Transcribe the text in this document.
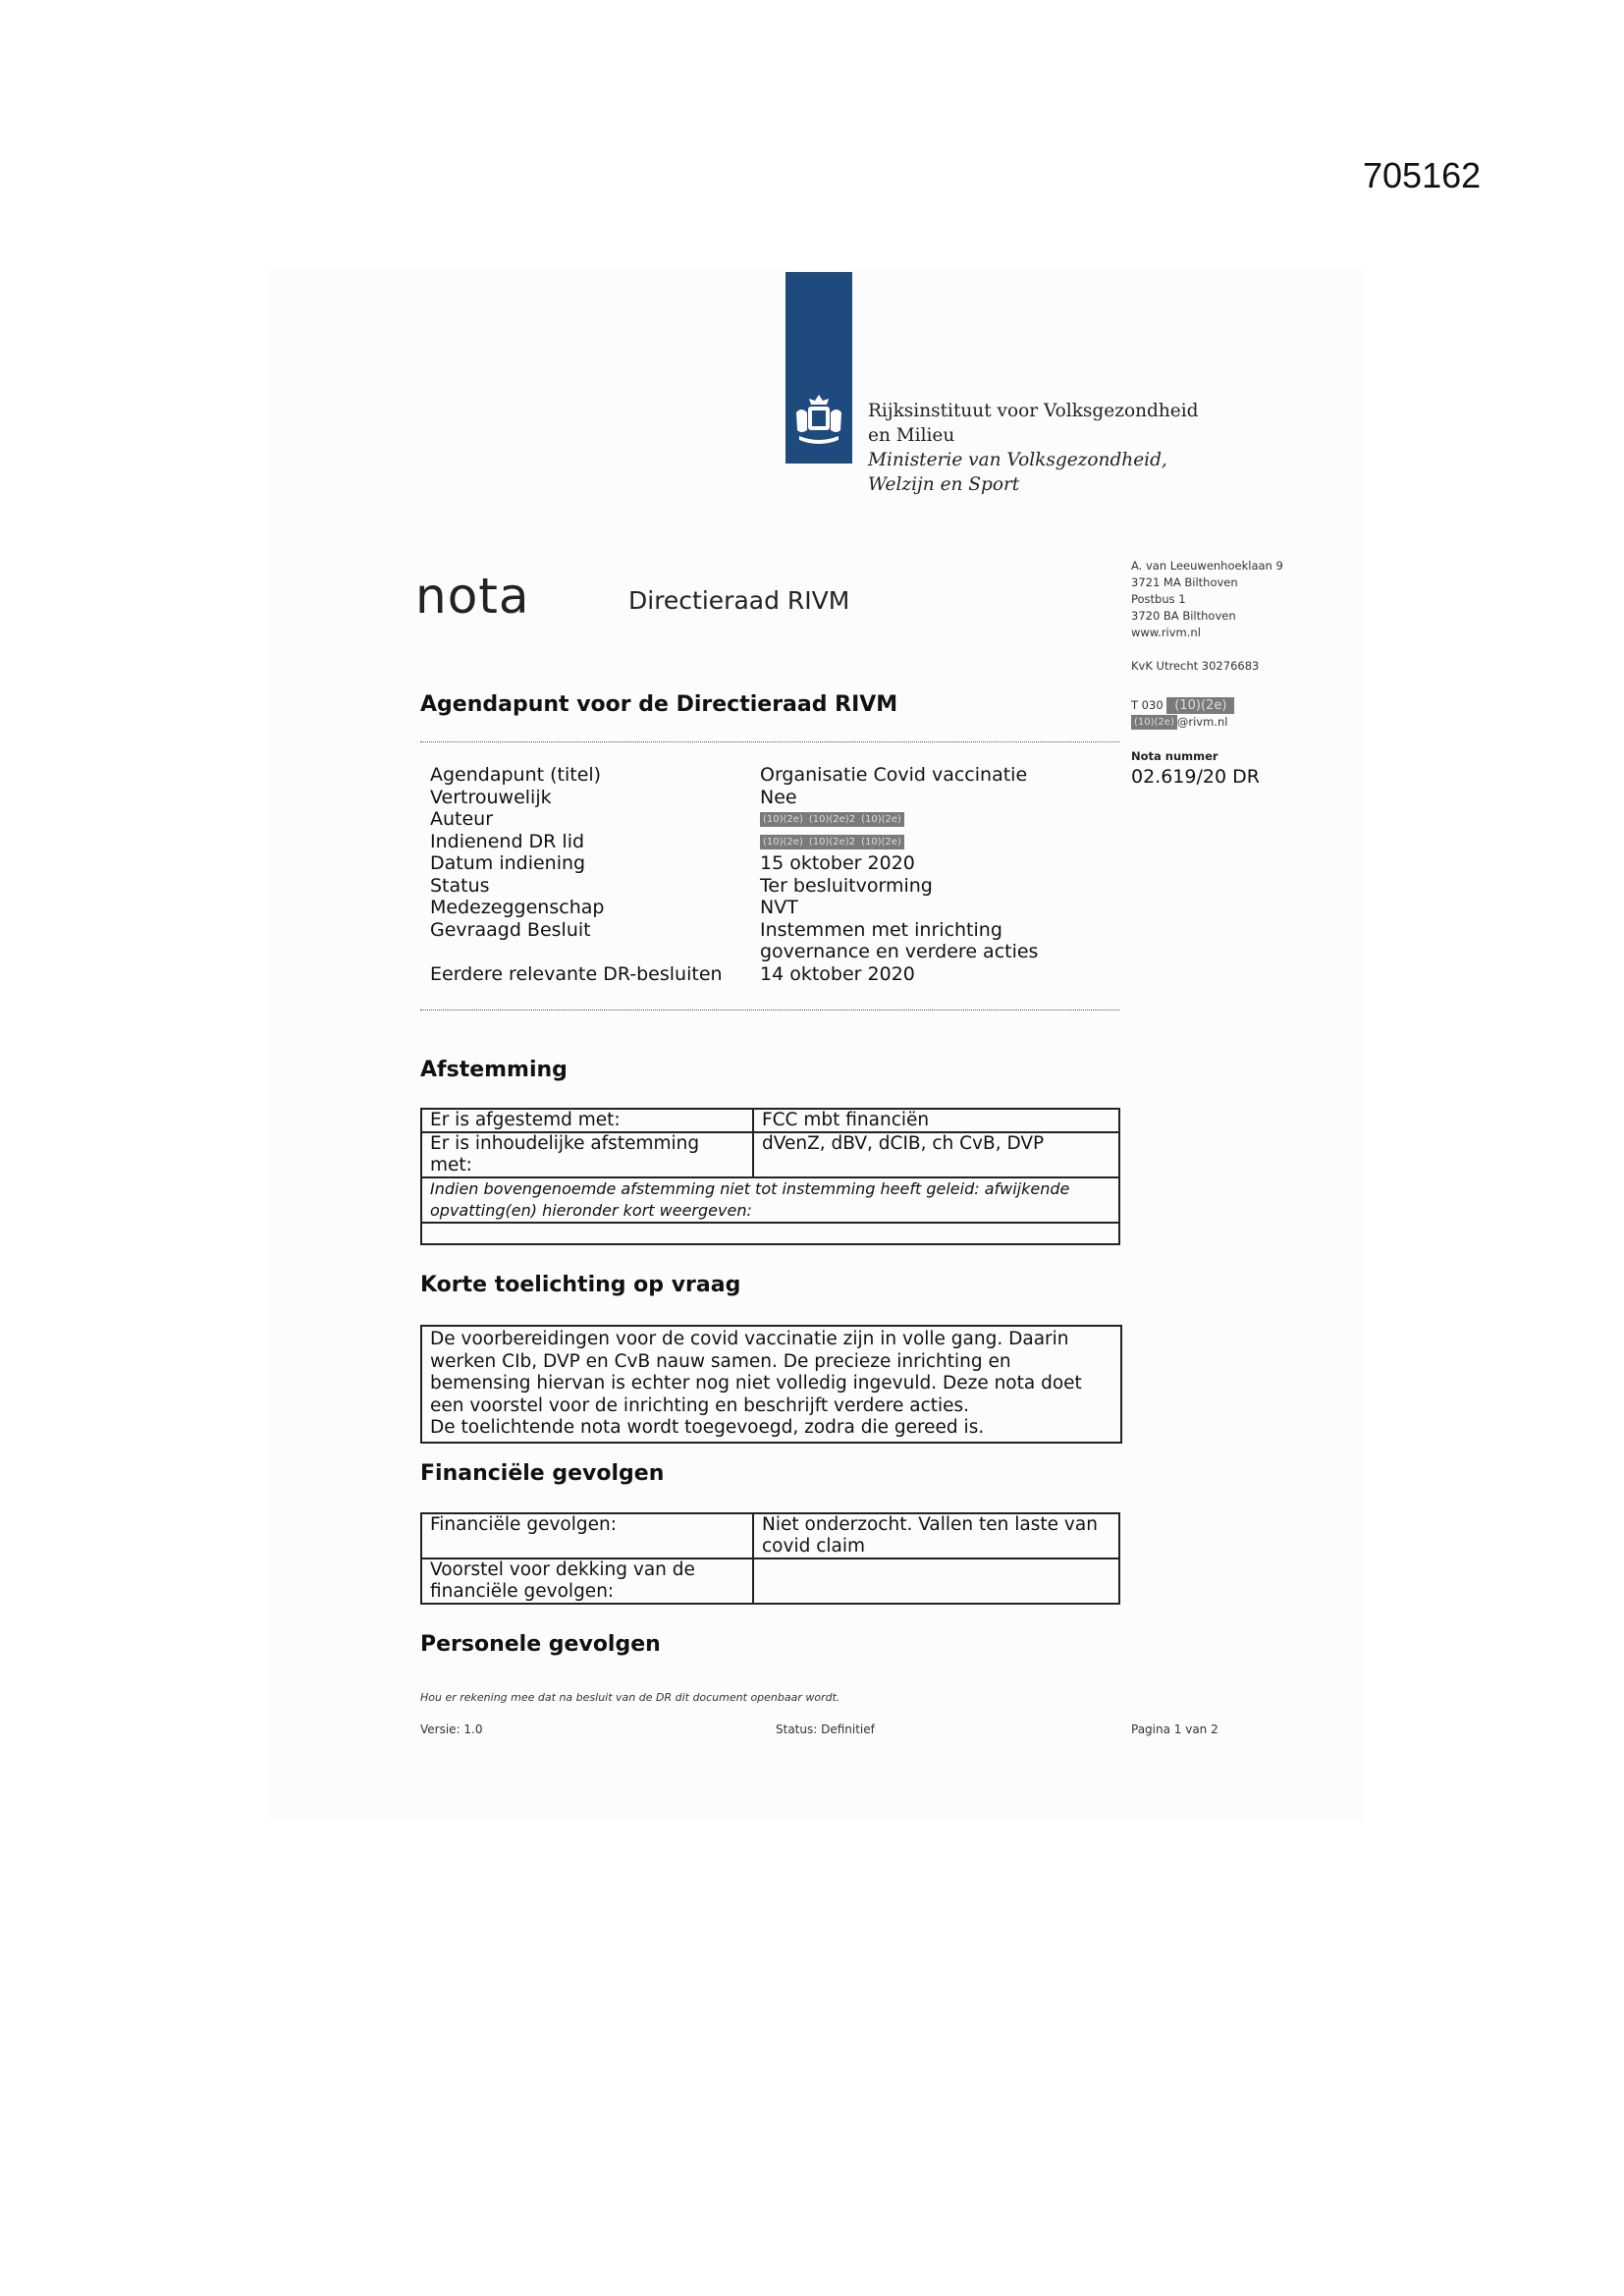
705162
Rijksinstituut voor Volksgezondheid
en Milieu
Ministerie van Volksgezondheid,
Welzijn en Sport
nota	Directieraad RIVM
A. van Leeuwenhoeklaan 9
3721 MA Bilthoven
Postbus 1
3720 BA Bilthoven
www.rivm.nl
KvK Utrecht 30276683
T 030 (10)(2e)
(10)(2e) @rivm.nl
Nota nummer
02.619/20 DR
Agendapunt voor de Directieraad RIVM
Agendapunt (titel)	Organisatie Covid vaccinatie
Vertrouwelijk	Nee
Auteur	(10)(2e) (10)(2e)2 (10)(2e)
Indienend DR lid	(10)(2e) (10)(2e)2 (10)(2e)
Datum indiening	15 oktober 2020
Status	Ter besluitvorming
Medezeggenschap	NVT
Gevraagd Besluit	Instemmen met inrichting
governance en verdere acties
Eerdere relevante DR-besluiten	14 oktober 2020
Afstemming
Er is afgestemd met:	FCC mbt financiën
Er is inhoudelijke afstemming met:	dVenZ, dBV, dCIB, ch CvB, DVP
Indien bovengenoemde afstemming niet tot instemming heeft geleid: afwijkende opvatting(en) hieronder kort weergeven:	

Korte toelichting op vraag
De voorbereidingen voor de covid vaccinatie zijn in volle gang. Daarin
werken CIb, DVP en CvB nauw samen. De precieze inrichting en
bemensing hiervan is echter nog niet volledig ingevuld. Deze nota doet
een voorstel voor de inrichting en beschrijft verdere acties.
De toelichtende nota wordt toegevoegd, zodra die gereed is.
Financiële gevolgen
Financiële gevolgen:	Niet onderzocht. Vallen ten laste van covid claim
Voorstel voor dekking van de financiële gevolgen:	
Personele gevolgen
Hou er rekening mee dat na besluit van de DR dit document openbaar wordt.
Versie: 1.0	Status: Definitief	Pagina 1 van 2
